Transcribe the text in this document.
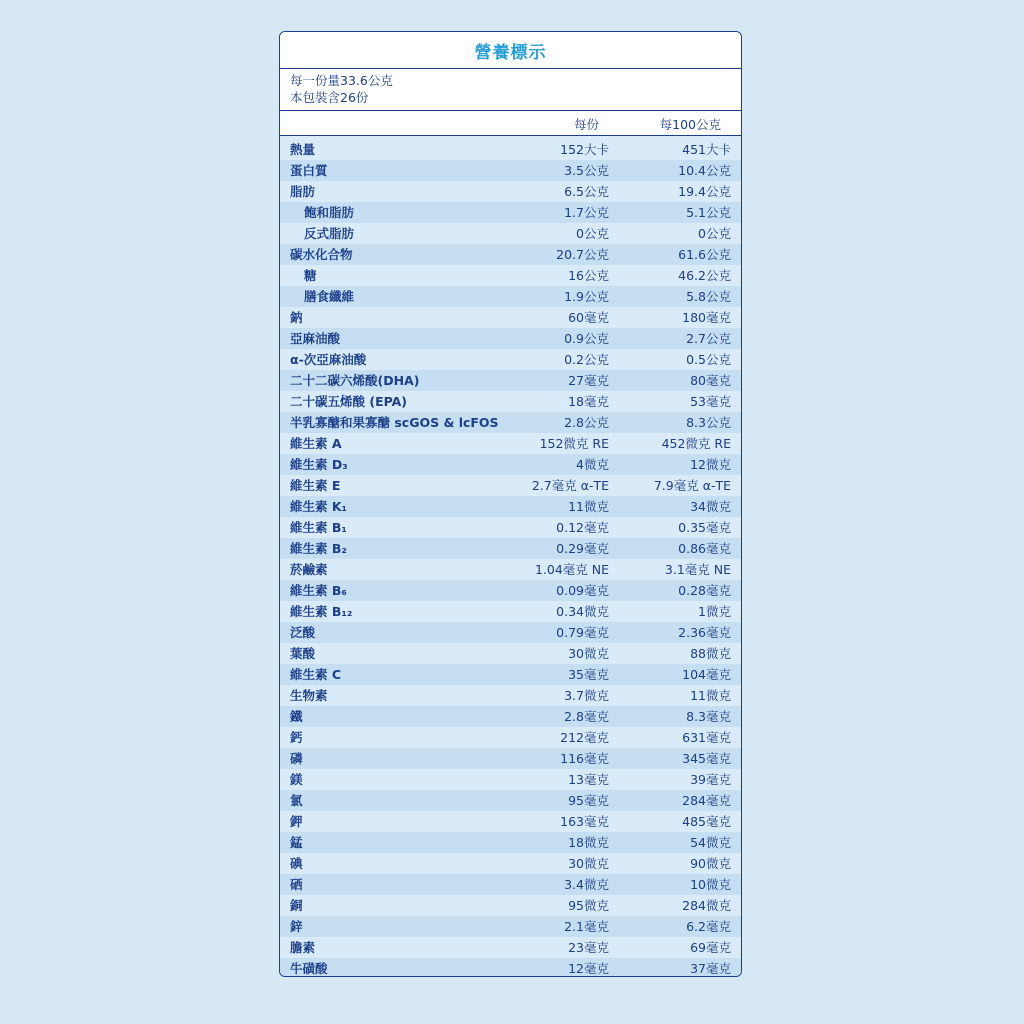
營養標示
每一份量33.6公克
本包裝含26份
每份	每100公克
熱量	152大卡	451大卡
蛋白質	3.5公克	10.4公克
脂肪	6.5公克	19.4公克
飽和脂肪	1.7公克	5.1公克
反式脂肪	0公克	0公克
碳水化合物	20.7公克	61.6公克
糖	16公克	46.2公克
膳食纖維	1.9公克	5.8公克
鈉	60毫克	180毫克
亞麻油酸	0.9公克	2.7公克
α-次亞麻油酸	0.2公克	0.5公克
二十二碳六烯酸(DHA)	27毫克	80毫克
二十碳五烯酸 (EPA)	18毫克	53毫克
半乳寡醣和果寡醣 scGOS & lcFOS	2.8公克	8.3公克
維生素 A	152微克 RE	452微克 RE
維生素 D₃	4微克	12微克
維生素 E	2.7毫克 α-TE	7.9毫克 α-TE
維生素 K₁	11微克	34微克
維生素 B₁	0.12毫克	0.35毫克
維生素 B₂	0.29毫克	0.86毫克
菸鹼素	1.04毫克 NE	3.1毫克 NE
維生素 B₆	0.09毫克	0.28毫克
維生素 B₁₂	0.34微克	1微克
泛酸	0.79毫克	2.36毫克
葉酸	30微克	88微克
維生素 C	35毫克	104毫克
生物素	3.7微克	11微克
鐵	2.8毫克	8.3毫克
鈣	212毫克	631毫克
磷	116毫克	345毫克
鎂	13毫克	39毫克
氯	95毫克	284毫克
鉀	163毫克	485毫克
錳	18微克	54微克
碘	30微克	90微克
硒	3.4微克	10微克
銅	95微克	284微克
鋅	2.1毫克	6.2毫克
膽素	23毫克	69毫克
牛磺酸	12毫克	37毫克
